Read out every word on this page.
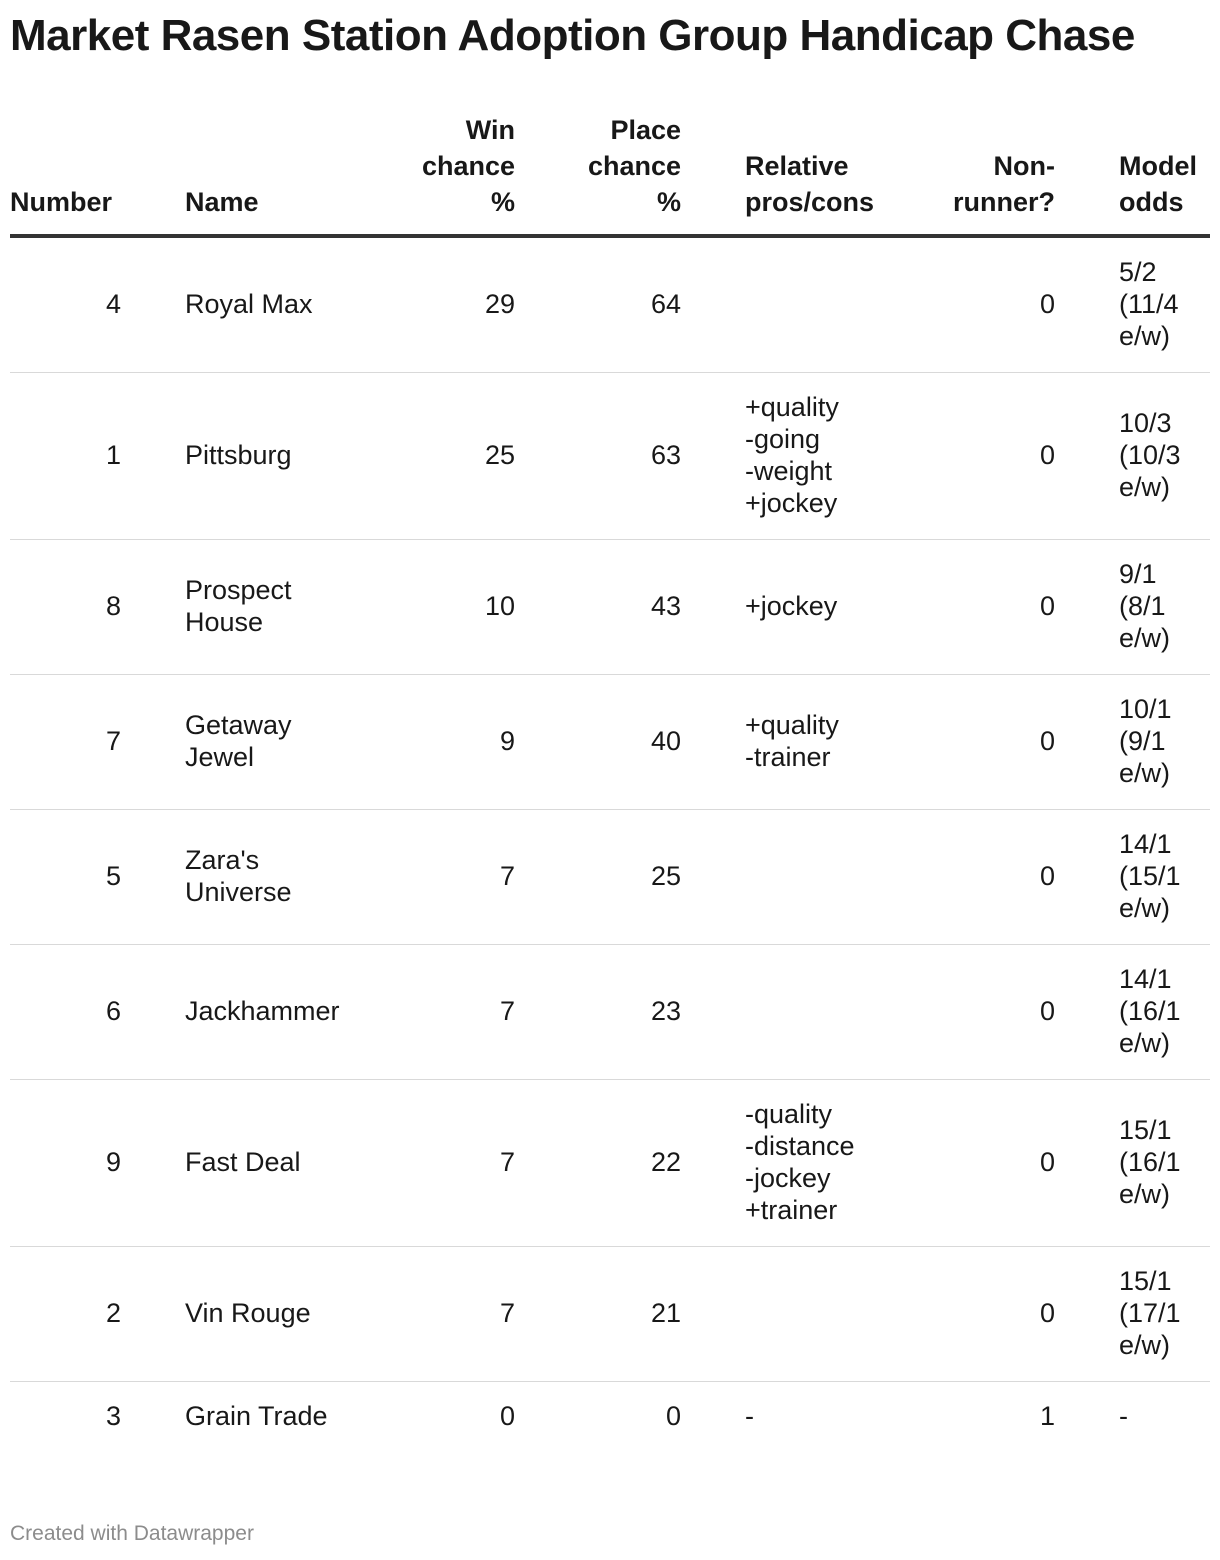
Market Rasen Station Adoption Group Handicap Chase
Number	Name	Win
chance
%	Place
chance
%	Relative
pros/cons	Non-
runner?	Model
odds
4	Royal Max	29	64		0	5/2 (11/4 e/w)
1	Pittsburg	25	63	+quality
-going
-weight
+jockey	0	10/3 (10/3 e/w)
8	Prospect House	10	43	+jockey	0	9/1 (8/1 e/w)
7	Getaway Jewel	9	40	+quality
-trainer	0	10/1 (9/1 e/w)
5	Zara's Universe	7	25		0	14/1 (15/1 e/w)
6	Jackhammer	7	23		0	14/1 (16/1 e/w)
9	Fast Deal	7	22	-quality
-distance
-jockey
+trainer	0	15/1 (16/1 e/w)
2	Vin Rouge	7	21		0	15/1 (17/1 e/w)
3	Grain Trade	0	0	-	1	-
Created with Datawrapper
